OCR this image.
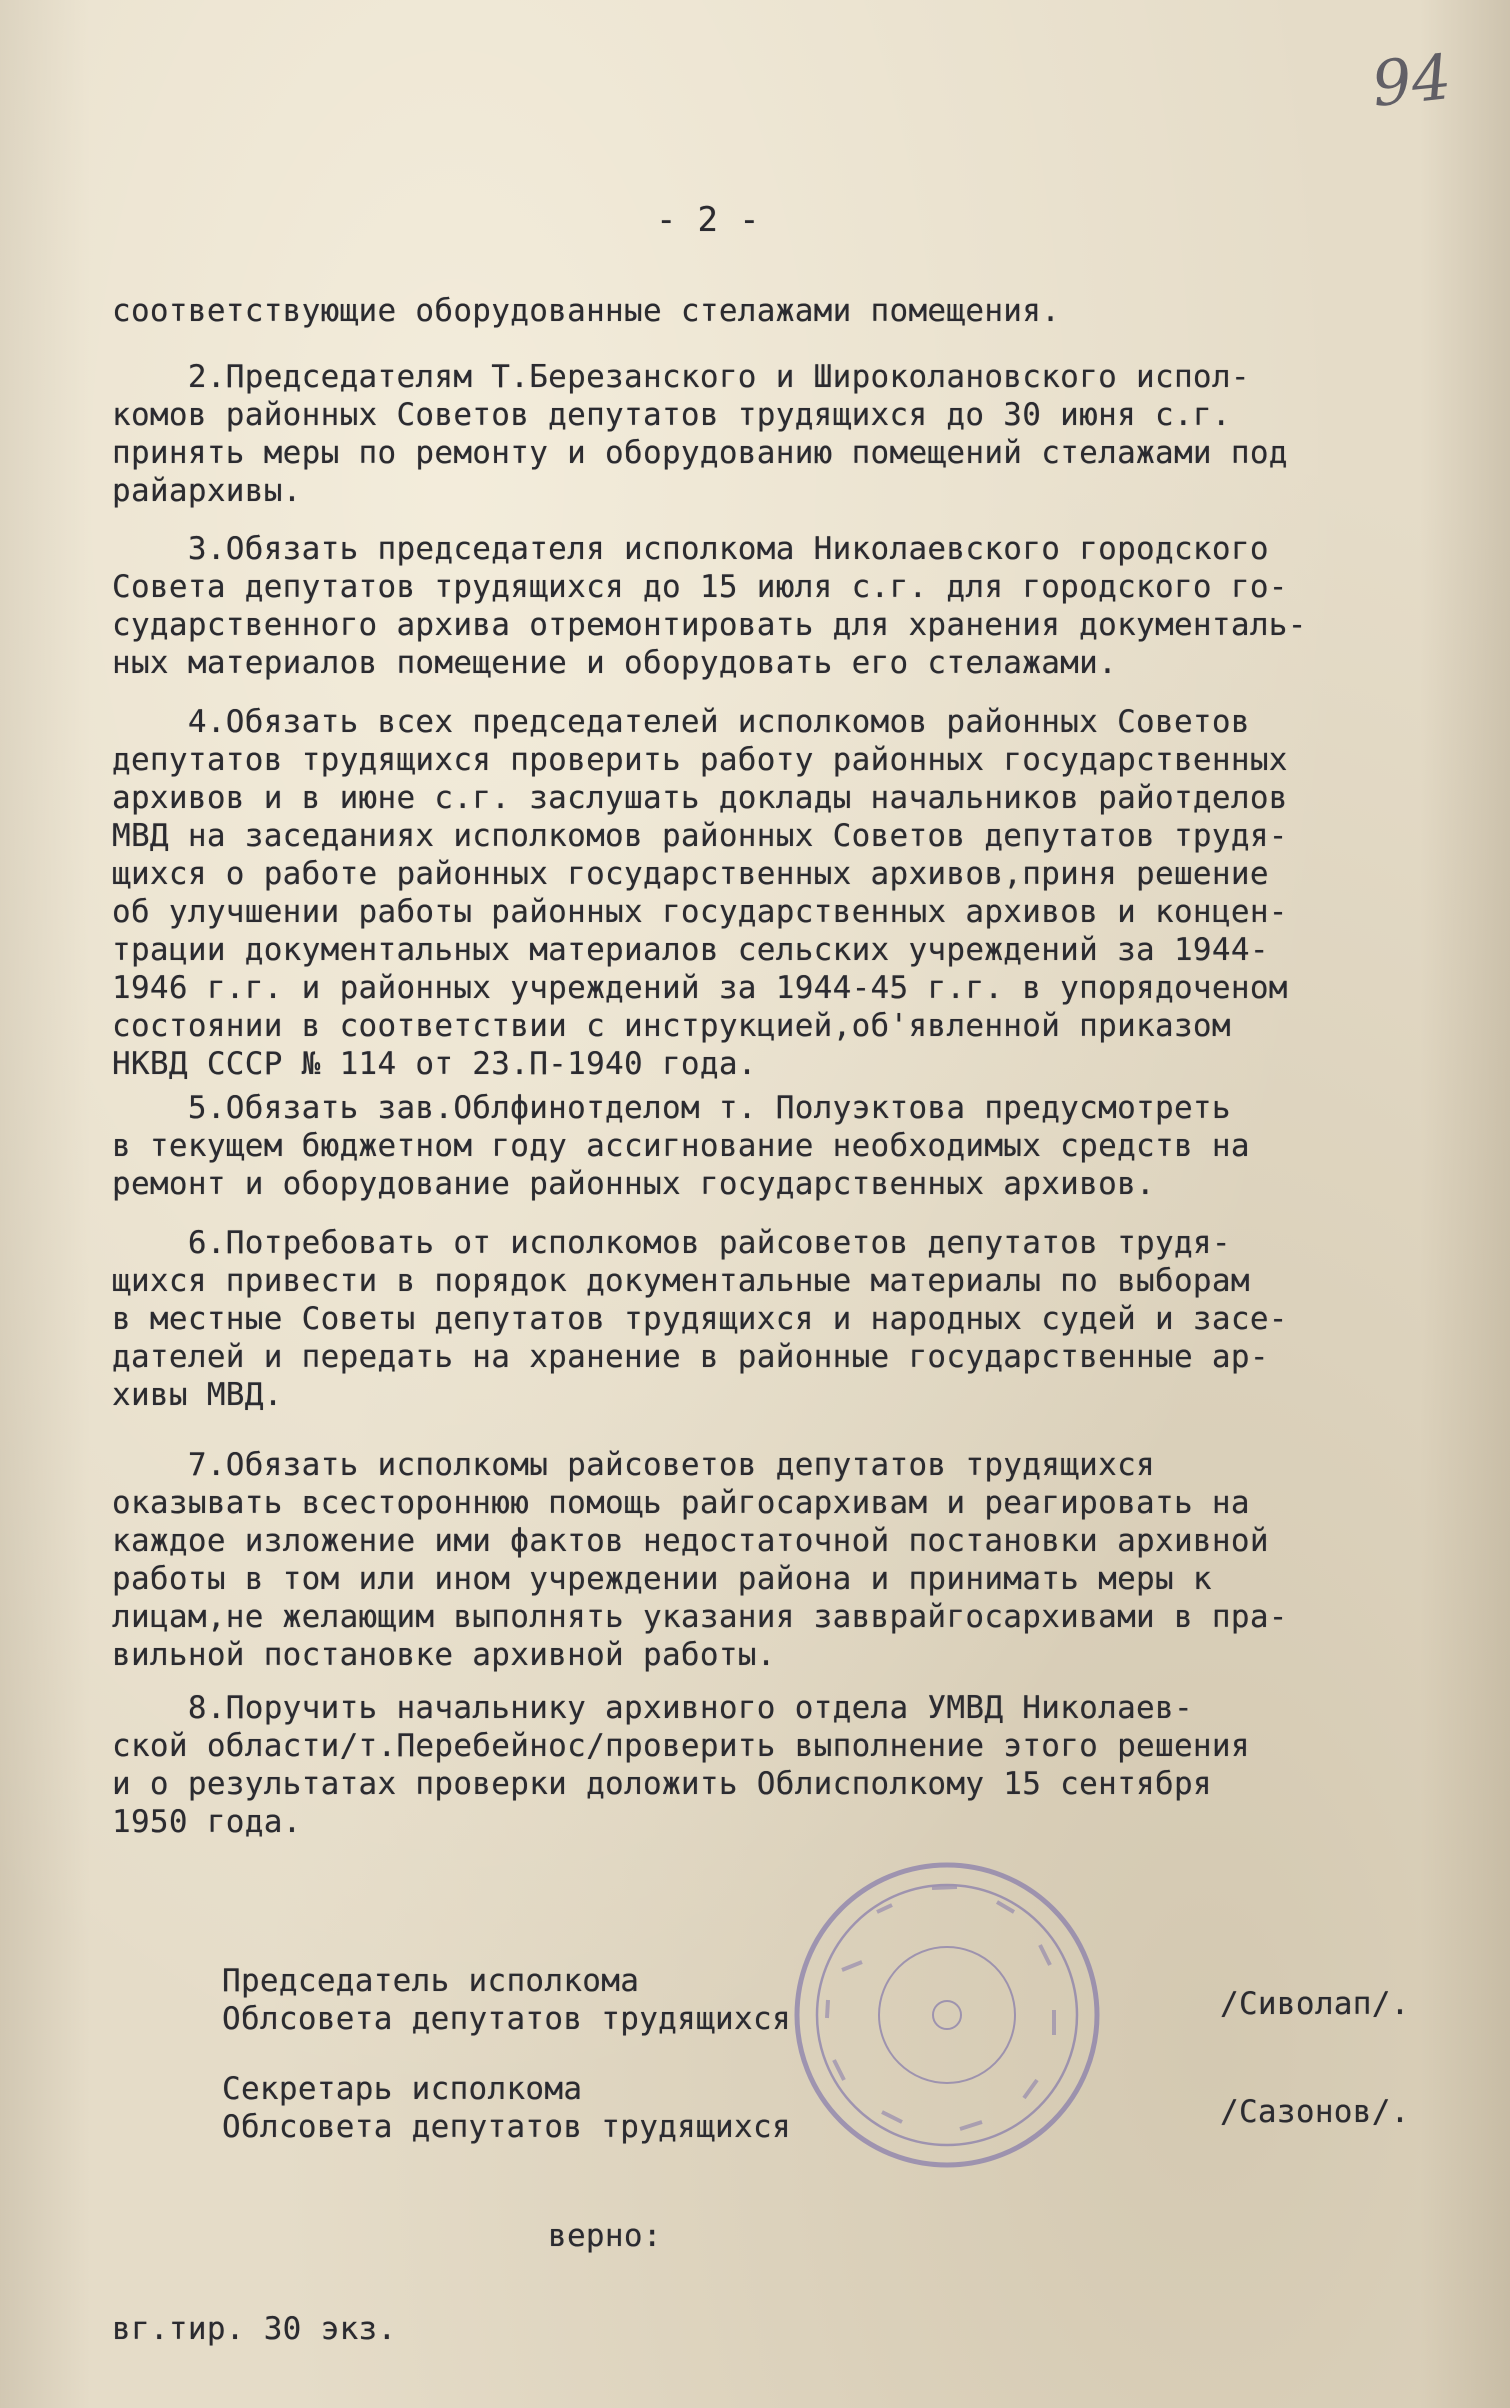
94
- 2 -
соответствующие оборудованные стелажами помещения.
2.Председателям Т.Березанского и Широколановского испол-
комов районных Советов депутатов трудящихся до 30 июня с.г.
принять меры по ремонту и оборудованию помещений стелажами под
райархивы.
3.Обязать председателя исполкома Николаевского городского
Совета депутатов трудящихся до 15 июля с.г. для городского го-
сударственного архива отремонтировать для хранения документаль-
ных материалов помещение и оборудовать его стелажами.
4.Обязать всех председателей исполкомов районных Советов
депутатов трудящихся проверить работу районных государственных
архивов и в июне с.г. заслушать доклады начальников райотделов
МВД на заседаниях исполкомов районных Советов депутатов трудя-
щихся о работе районных государственных архивов,приня решение
об улучшении работы районных государственных архивов и концен-
трации документальных материалов сельских учреждений за 1944-
1946 г.г. и районных учреждений за 1944-45 г.г. в упорядоченом
состоянии в соответствии с инструкцией,об'явленной приказом
НКВД СССР № 114 от 23.П-1940 года.
5.Обязать зав.Облфинотделом т. Полуэктова предусмотреть
в текущем бюджетном году ассигнование необходимых средств на
ремонт и оборудование районных государственных архивов.
6.Потребовать от исполкомов райсоветов депутатов трудя-
щихся привести в порядок документальные материалы по выборам
в местные Советы депутатов трудящихся и народных судей и засе-
дателей и передать на хранение в районные государственные ар-
хивы МВД.
7.Обязать исполкомы райсоветов депутатов трудящихся
оказывать всестороннюю помощь райгосархивам и реагировать на
каждое изложение ими фактов недостаточной постановки архивной
работы в том или ином учреждении района и принимать меры к
лицам,не желающим выполнять указания завврайгосархивами в пра-
вильной постановке архивной работы.
8.Поручить начальнику архивного отдела УМВД Николаев-
ской области/т.Перебейнос/проверить выполнение этого решения
и о результатах проверки доложить Облисполкому 15 сентября
1950 года.
Председатель исполкома
Облсовета депутатов трудящихся	/Сиволап/.
Секретарь исполкома
Облсовета депутатов трудящихся	/Сазонов/.
верно:
вг.тир. 30 экз.
